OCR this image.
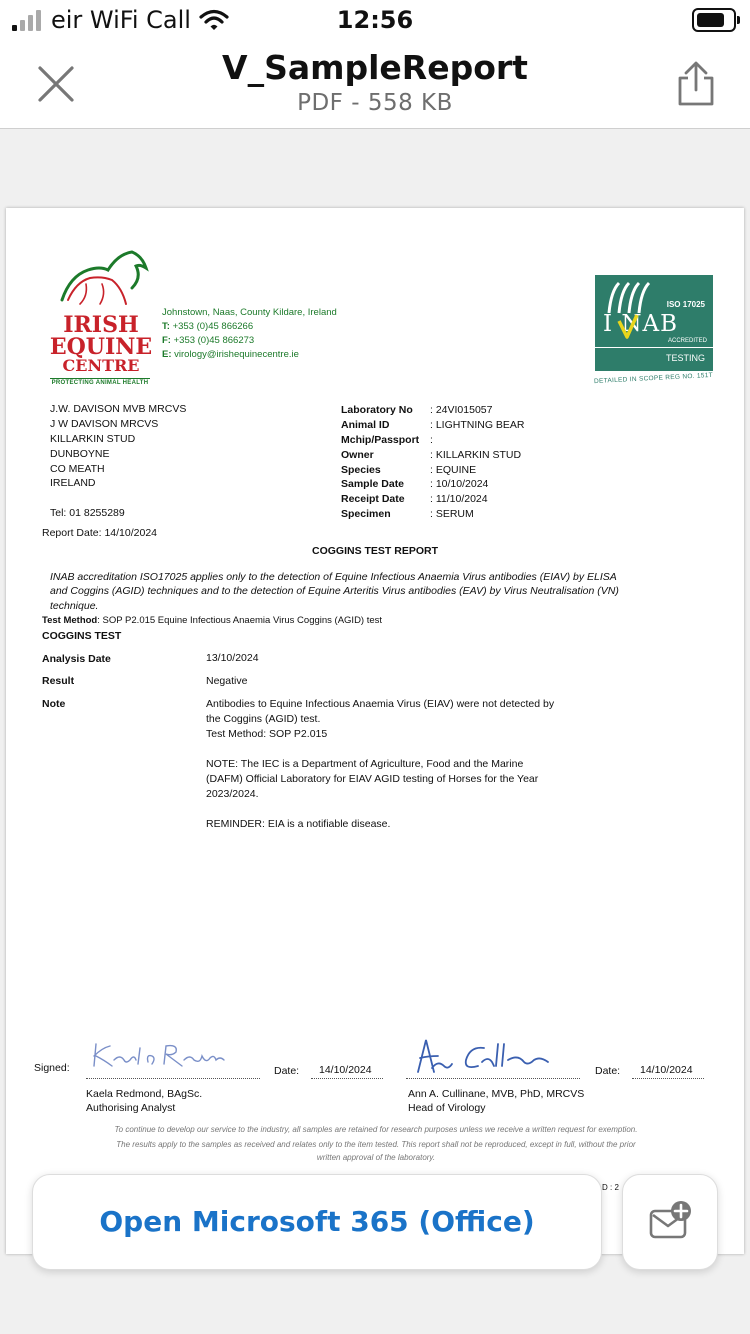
eir WiFi Call	12:56
V_SampleReport
PDF - 558 KB
IRISH
EQUINE
CENTRE
PROTECTING ANIMAL HEALTH
Johnstown, Naas, County Kildare, Ireland
T: +353 (0)45 866266
F: +353 (0)45 866273
E: virology@irishequinecentre.ie
ISO 17025
I NAB
ACCREDITED
TESTING
DETAILED IN SCOPE REG NO. 151T
J.W. DAVISON MVB MRCVS
J W DAVISON MRCVS
KILLARKIN STUD
DUNBOYNE
CO MEATH
IRELAND
Tel: 01 8255289
Report Date: 14/10/2024
Laboratory No : 24VI015057
Animal ID	: LIGHTNING BEAR
Mchip/Passport :
Owner	: KILLARKIN STUD
Species	: EQUINE
Sample Date : 10/10/2024
Receipt Date : 11/10/2024
Specimen	: SERUM
COGGINS TEST REPORT
INAB accreditation ISO17025 applies only to the detection of Equine Infectious Anaemia Virus antibodies (EIAV) by ELISA
and Coggins (AGID) techniques and to the detection of Equine Arteritis Virus antibodies (EAV) by Virus Neutralisation (VN)
technique.
Test Method: SOP P2.015 Equine Infectious Anaemia Virus Coggins (AGID) test
COGGINS TEST
Analysis Date	13/10/2024
Result	Negative
Note	Antibodies to Equine Infectious Anaemia Virus (EIAV) were not detected by
the Coggins (AGID) test.
Test Method: SOP P2.015
NOTE: The IEC is a Department of Agriculture, Food and the Marine
(DAFM) Official Laboratory for EIAV AGID testing of Horses for the Year
2023/2024.
REMINDER: EIA is a notifiable disease.
Signed:	Date: 14/10/2024
Kaela Redmond, BAgSc.
Authorising Analyst
Date: 14/10/2024
Ann A. Cullinane, MVB, PhD, MRCVS
Head of Virology
To continue to develop our service to the industry, all samples are retained for research purposes unless we receive a written request for exemption.
The results apply to the samples as received and relates only to the item tested. This report shall not be reproduced, except in full, without the prior
written approval of the laboratory.
D : 2
Open Microsoft 365 (Office)
